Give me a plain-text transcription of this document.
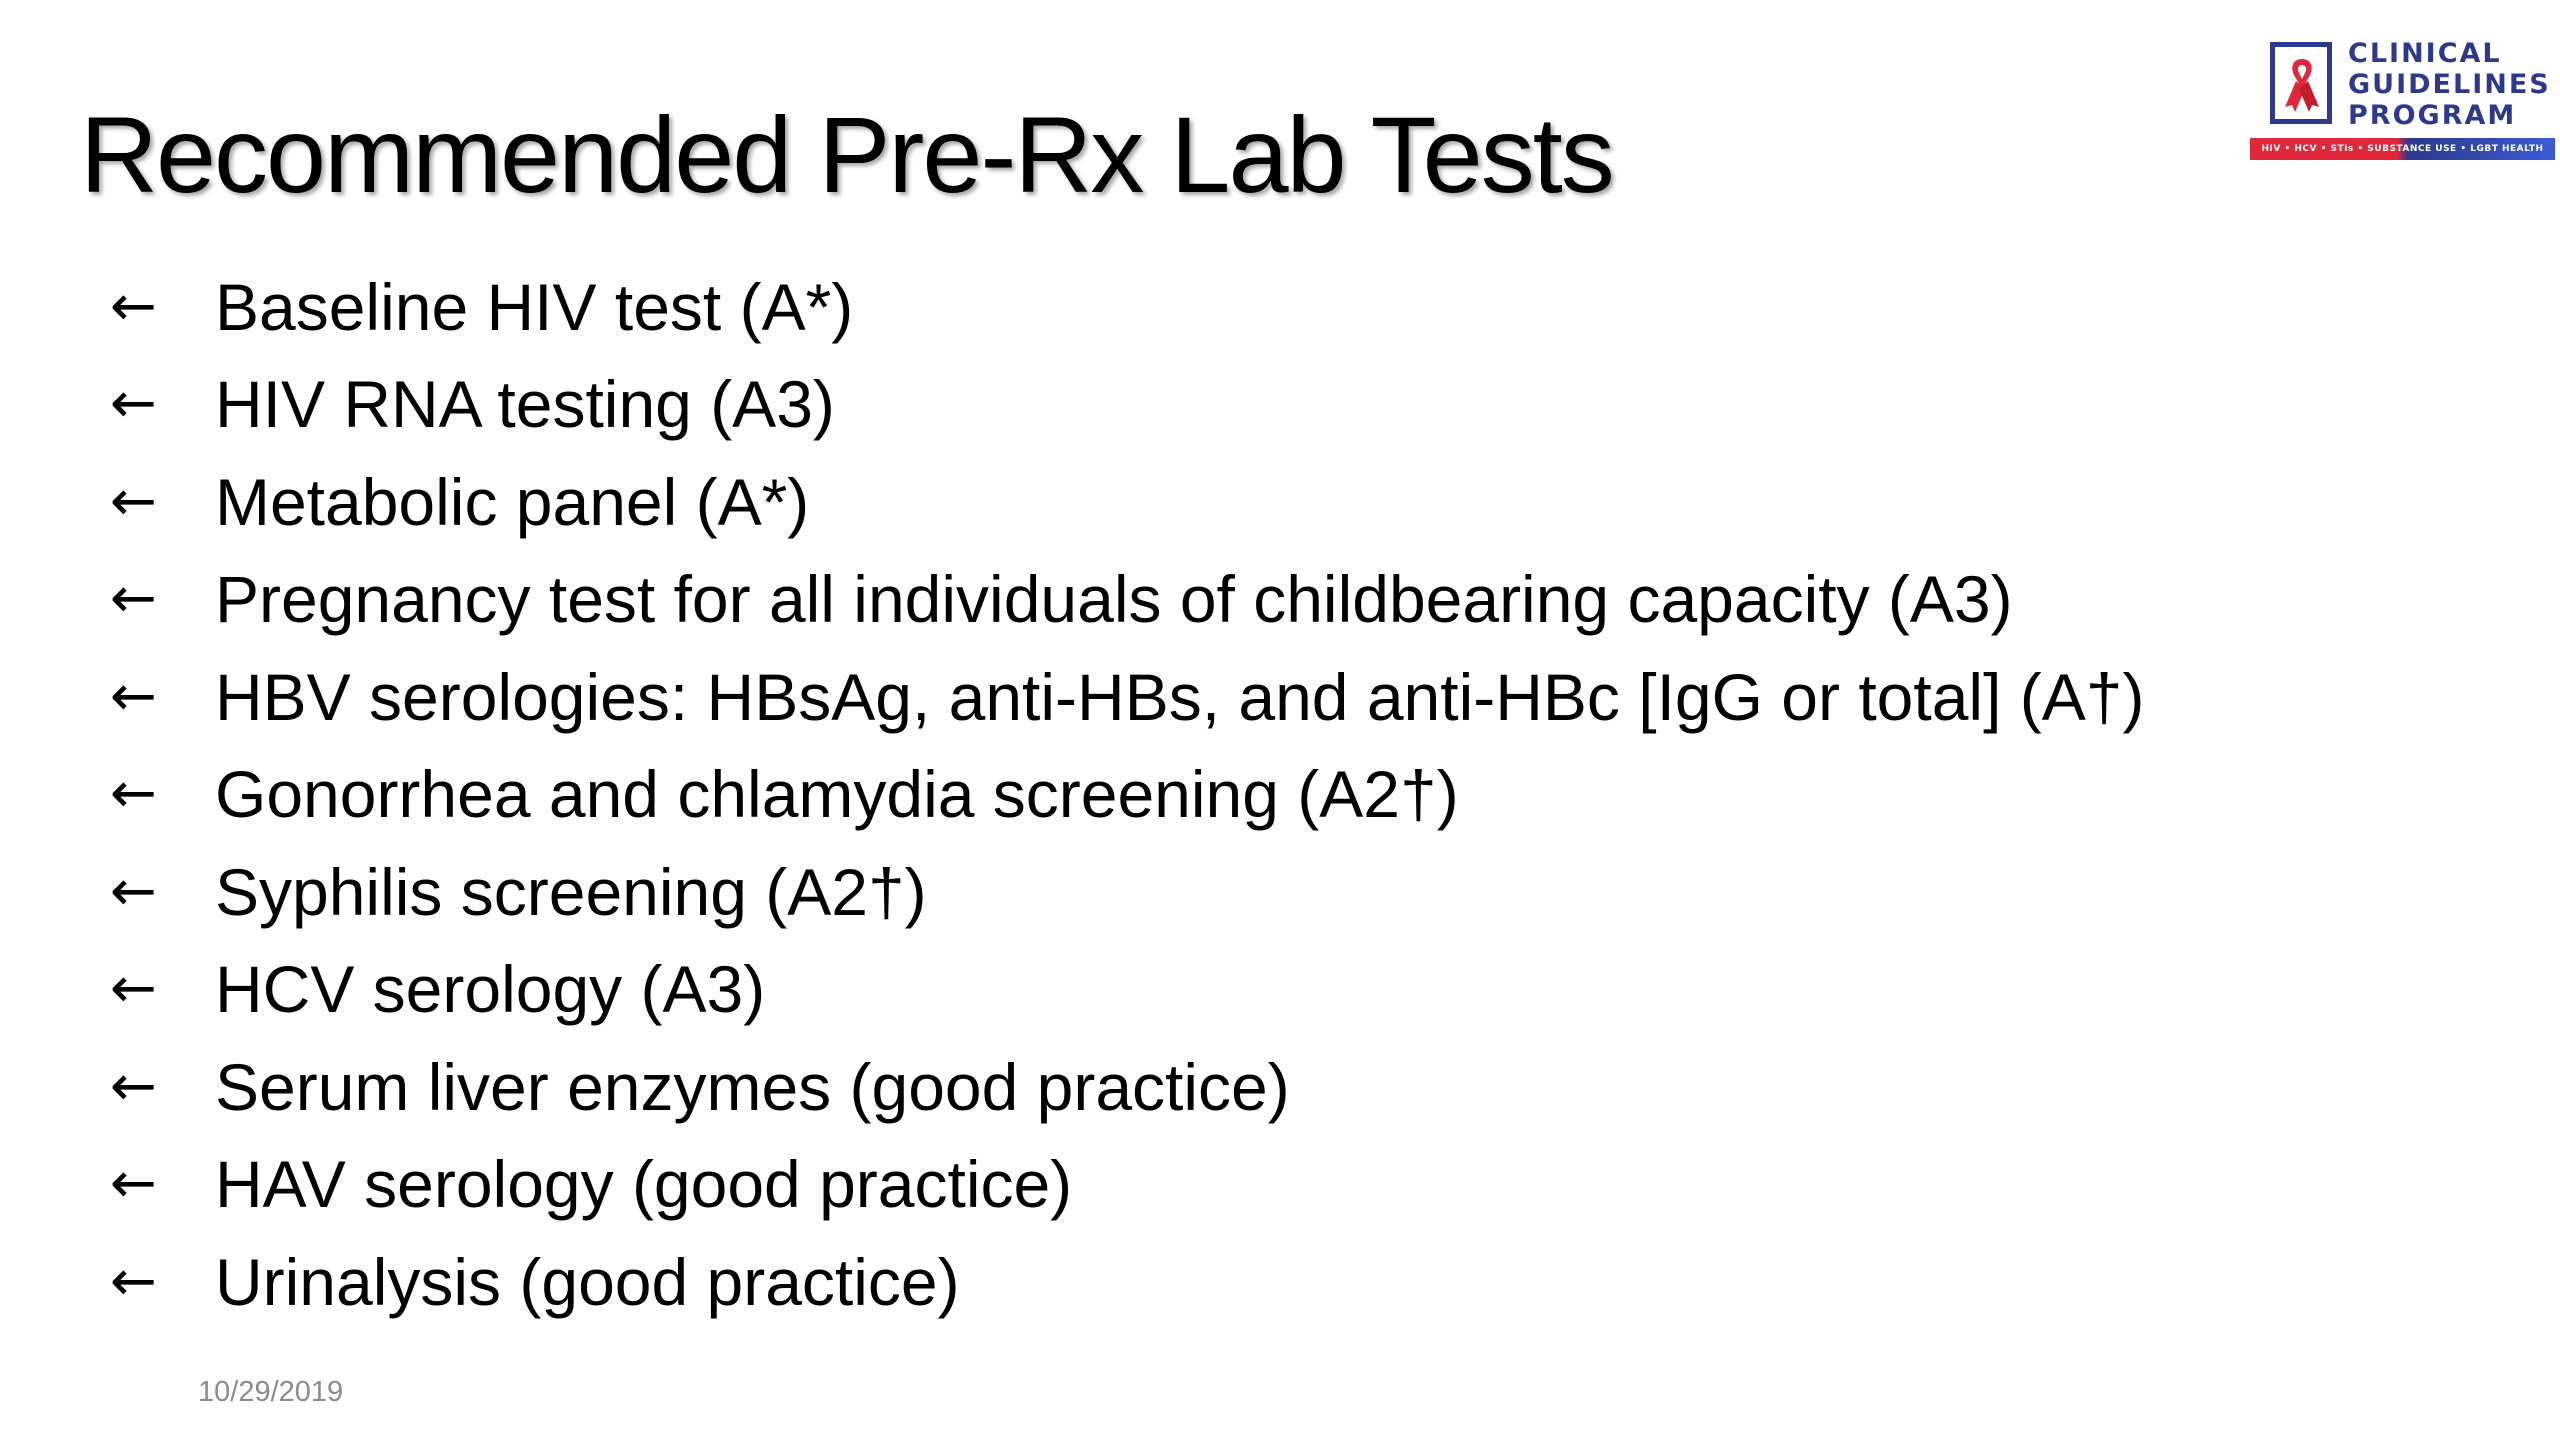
Recommended Pre-Rx Lab Tests
CLINICAL
GUIDELINES
PROGRAM
HIV • HCV • STIs • SUBSTANCE USE • LGBT HEALTH
← Baseline HIV test (A*)
← HIV RNA testing (A3)
← Metabolic panel (A*)
← Pregnancy test for all individuals of childbearing capacity (A3)
← HBV serologies: HBsAg, anti-HBs, and anti-HBc [IgG or total] (A†)
← Gonorrhea and chlamydia screening (A2†)
← Syphilis screening (A2†)
← HCV serology (A3)
← Serum liver enzymes (good practice)
← HAV serology (good practice)
← Urinalysis (good practice)
10/29/2019
